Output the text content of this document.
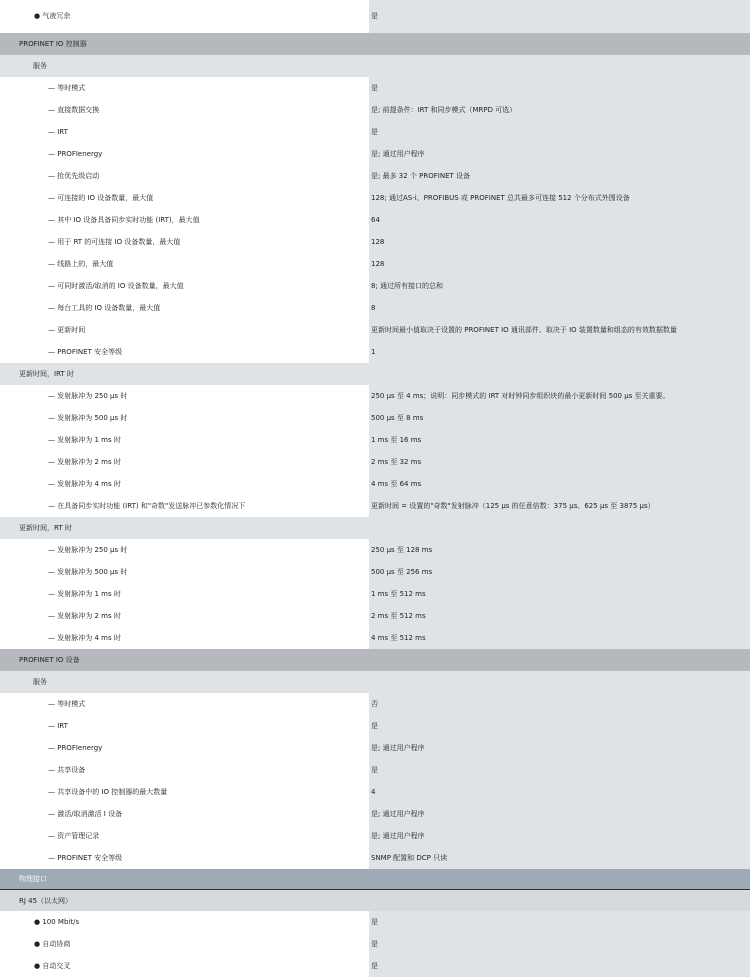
● 气液冗余	是
PROFINET IO 控制器
服务
— 等时模式	是
— 直接数据交换	是; 前提条件：IRT 和同步模式（MRPD 可选）
— IRT	是
— PROFIenergy	是; 通过用户程序
— 抢优先级启动	是; 最多 32 个 PROFINET 设备
— 可连接的 IO 设备数量，最大值	128; 通过AS-i、PROFIBUS 或 PROFINET 总共最多可连接 512 个分布式外围设备
— 其中 IO 设备具备同步实时功能 (IRT)，最大值	64
— 用于 RT 的可连接 IO 设备数量，最大值	128
— 线路上的，最大值	128
— 可同时激活/取消的 IO 设备数量，最大值	8; 通过所有接口的总和
— 每台工具的 IO 设备数量，最大值	8
— 更新时间	更新时间最小值取决于设置的 PROFINET IO 通讯部件、取决于 IO 装置数量和组态的有效数据数量
— PROFINET 安全等级	1
更新时间，IRT 时
— 发射脉冲为 250 µs 时	250 µs 至 4 ms；说明：同步模式的 IRT 对时钟同步组织块的最小更新时间 500 µs 至关重要。
— 发射脉冲为 500 µs 时	500 µs 至 8 ms
— 发射脉冲为 1 ms 时	1 ms 至 16 ms
— 发射脉冲为 2 ms 时	2 ms 至 32 ms
— 发射脉冲为 4 ms 时	4 ms 至 64 ms
— 在具备同步实时功能 (IRT) 和"奇数"发送脉冲已参数化情况下	更新时间 = 设置的"奇数"发射脉冲（125 µs 的任意倍数：375 µs、625 µs 至 3875 µs）
更新时间，RT 时
— 发射脉冲为 250 µs 时	250 µs 至 128 ms
— 发射脉冲为 500 µs 时	500 µs 至 256 ms
— 发射脉冲为 1 ms 时	1 ms 至 512 ms
— 发射脉冲为 2 ms 时	2 ms 至 512 ms
— 发射脉冲为 4 ms 时	4 ms 至 512 ms
PROFINET IO 设备
服务
— 等时模式	否
— IRT	是
— PROFIenergy	是; 通过用户程序
— 共享设备	是
— 共享设备中的 IO 控制器的最大数量	4
— 激活/取消激活 I 设备	是; 通过用户程序
— 资产管理记录	是; 通过用户程序
— PROFINET 安全等级	SNMP 配置和 DCP 只读
物理接口
RJ 45（以太网）
● 100 Mbit/s	是
● 自动协商	是
● 自动交叉	是
